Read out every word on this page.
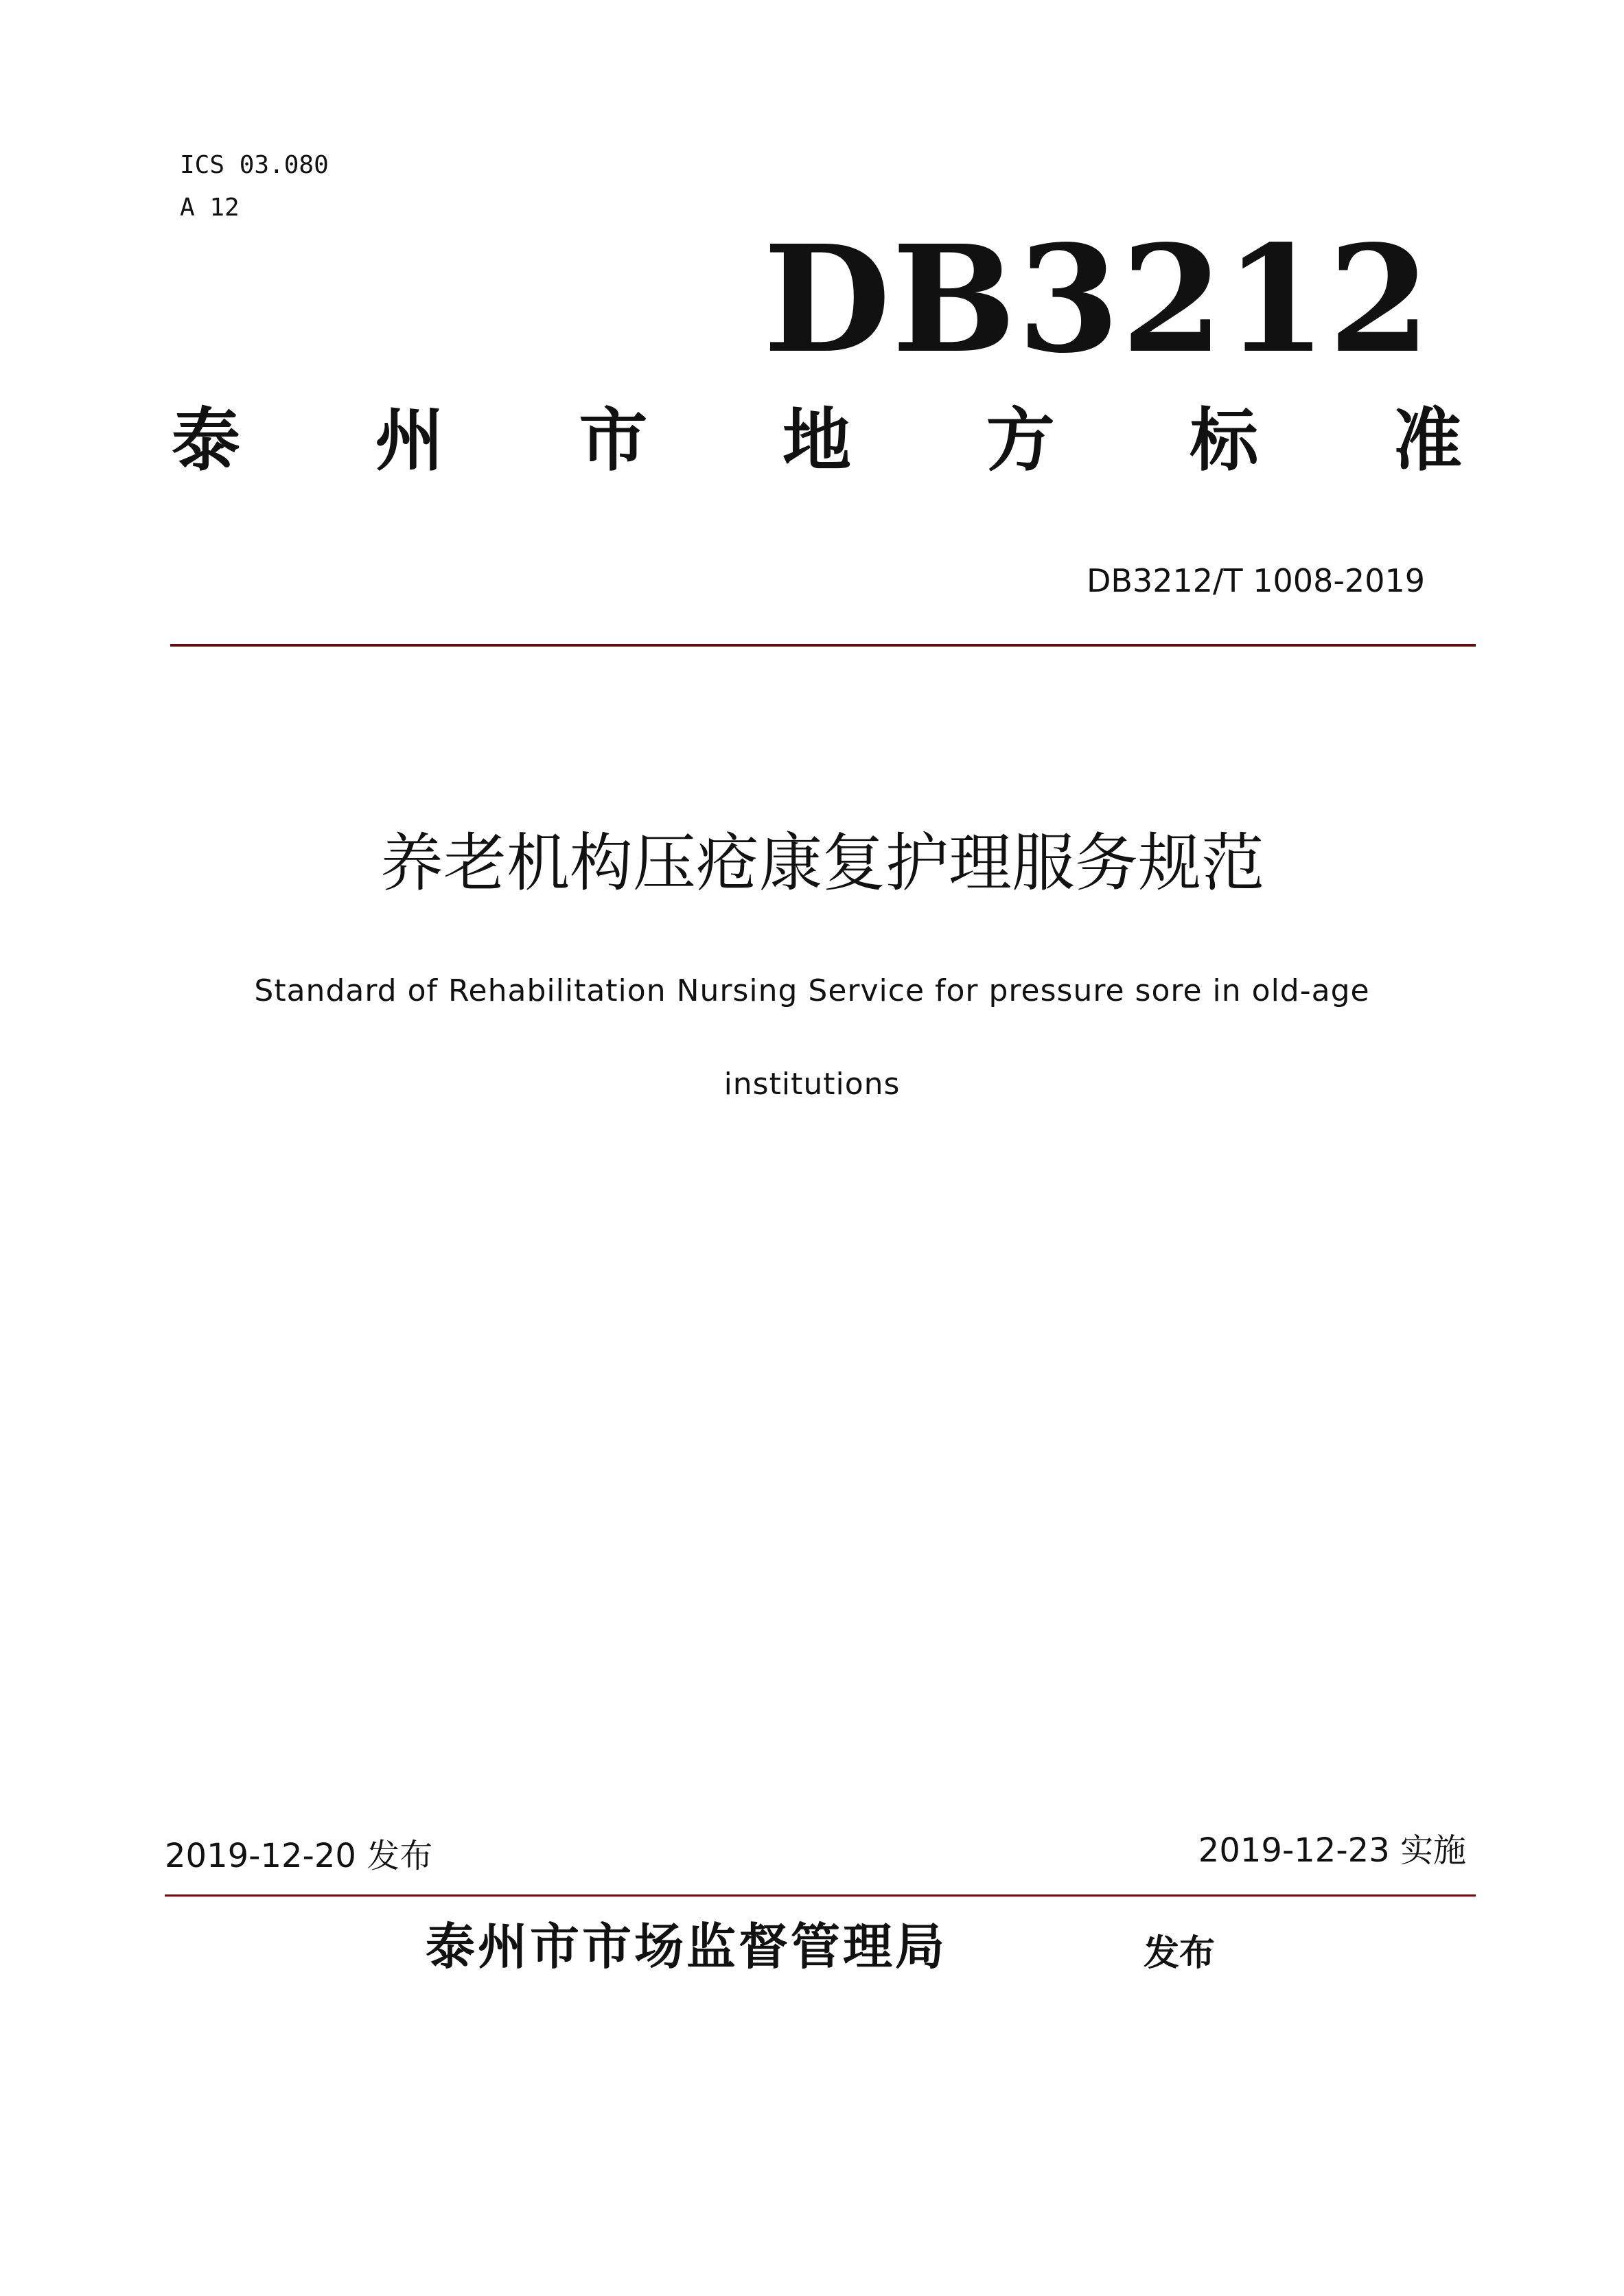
ICS 03.080
A 12
DB3212
泰 州 市 地 方 标 准
DB3212/T 1008-2019
养老机构压疮康复护理服务规范
Standard of Rehabilitation Nursing Service for pressure sore in old-age
institutions
2019-12-20 发布	2019-12-23 实施
泰州市市场监督管理局	发布
